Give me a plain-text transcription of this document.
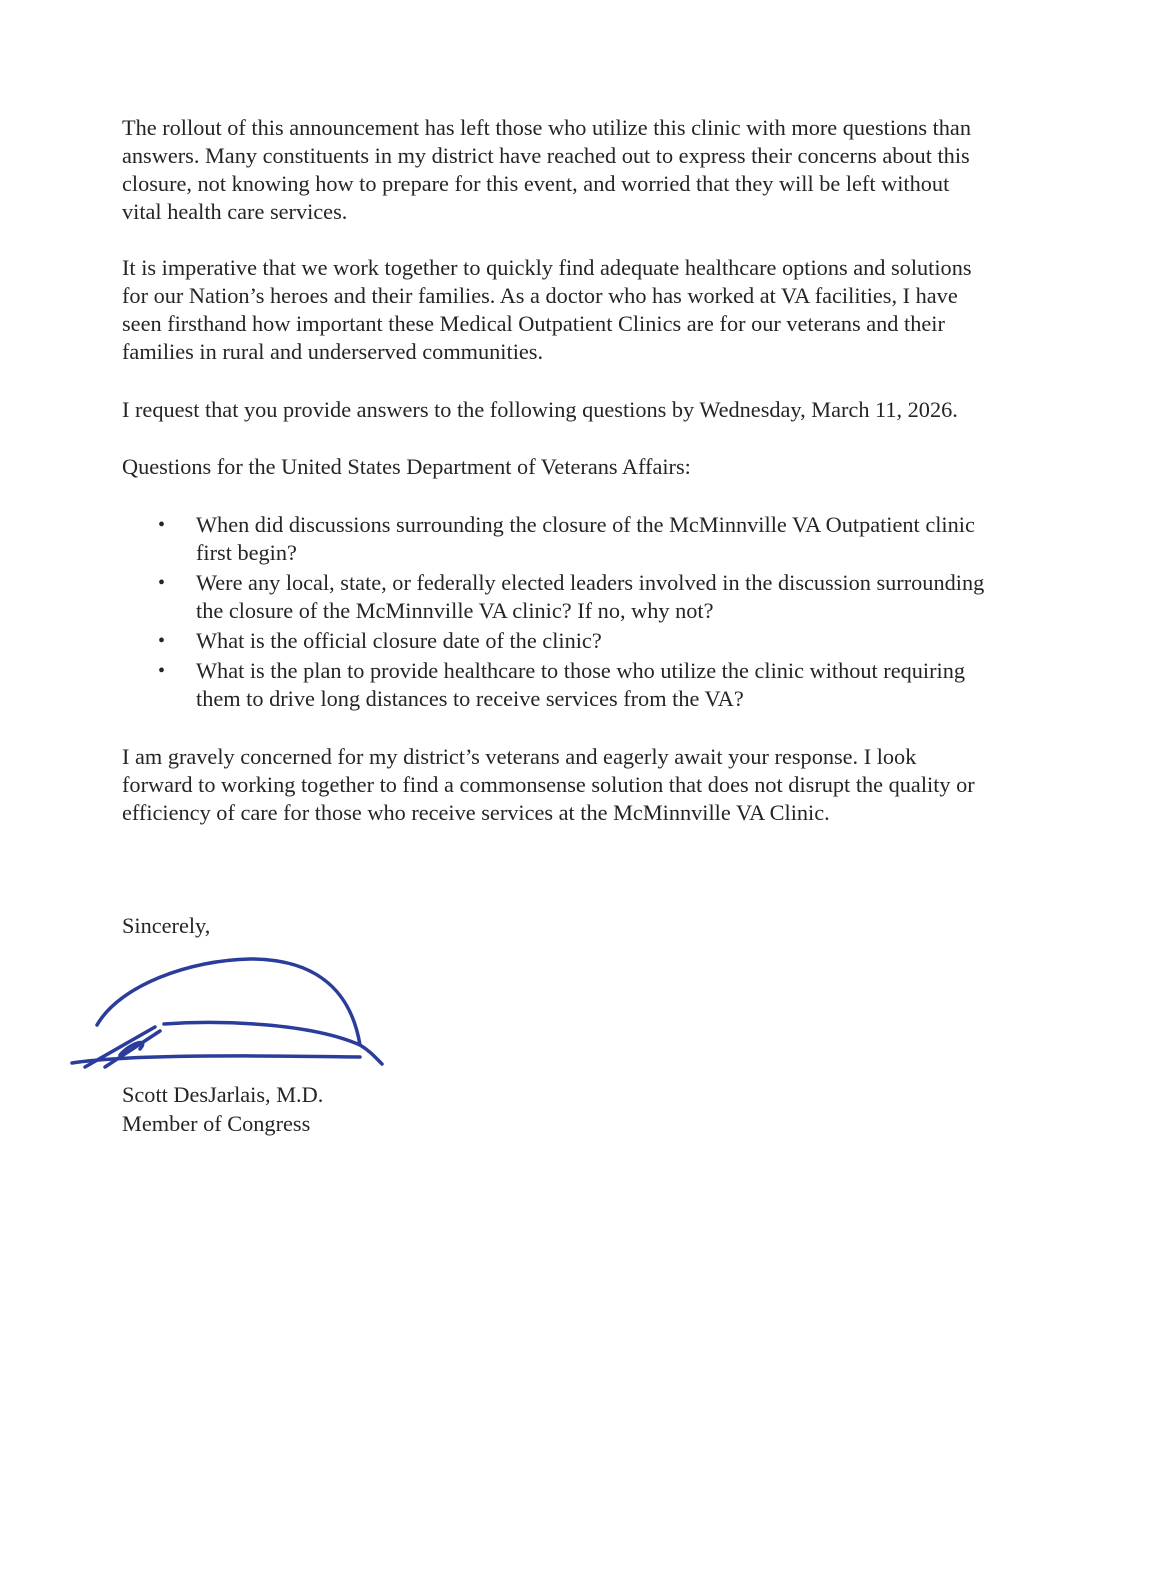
The rollout of this announcement has left those who utilize this clinic with more questions than
answers. Many constituents in my district have reached out to express their concerns about this
closure, not knowing how to prepare for this event, and worried that they will be left without
vital health care services.
It is imperative that we work together to quickly find adequate healthcare options and solutions
for our Nation’s heroes and their families. As a doctor who has worked at VA facilities, I have
seen firsthand how important these Medical Outpatient Clinics are for our veterans and their
families in rural and underserved communities.
I request that you provide answers to the following questions by Wednesday, March 11, 2026.
Questions for the United States Department of Veterans Affairs:
• When did discussions surrounding the closure of the McMinnville VA Outpatient clinic
first begin?
• Were any local, state, or federally elected leaders involved in the discussion surrounding
the closure of the McMinnville VA clinic? If no, why not?
• What is the official closure date of the clinic?
• What is the plan to provide healthcare to those who utilize the clinic without requiring
them to drive long distances to receive services from the VA?
I am gravely concerned for my district’s veterans and eagerly await your response. I look
forward to working together to find a commonsense solution that does not disrupt the quality or
efficiency of care for those who receive services at the McMinnville VA Clinic.
Sincerely,
Scott DesJarlais, M.D.
Member of Congress
